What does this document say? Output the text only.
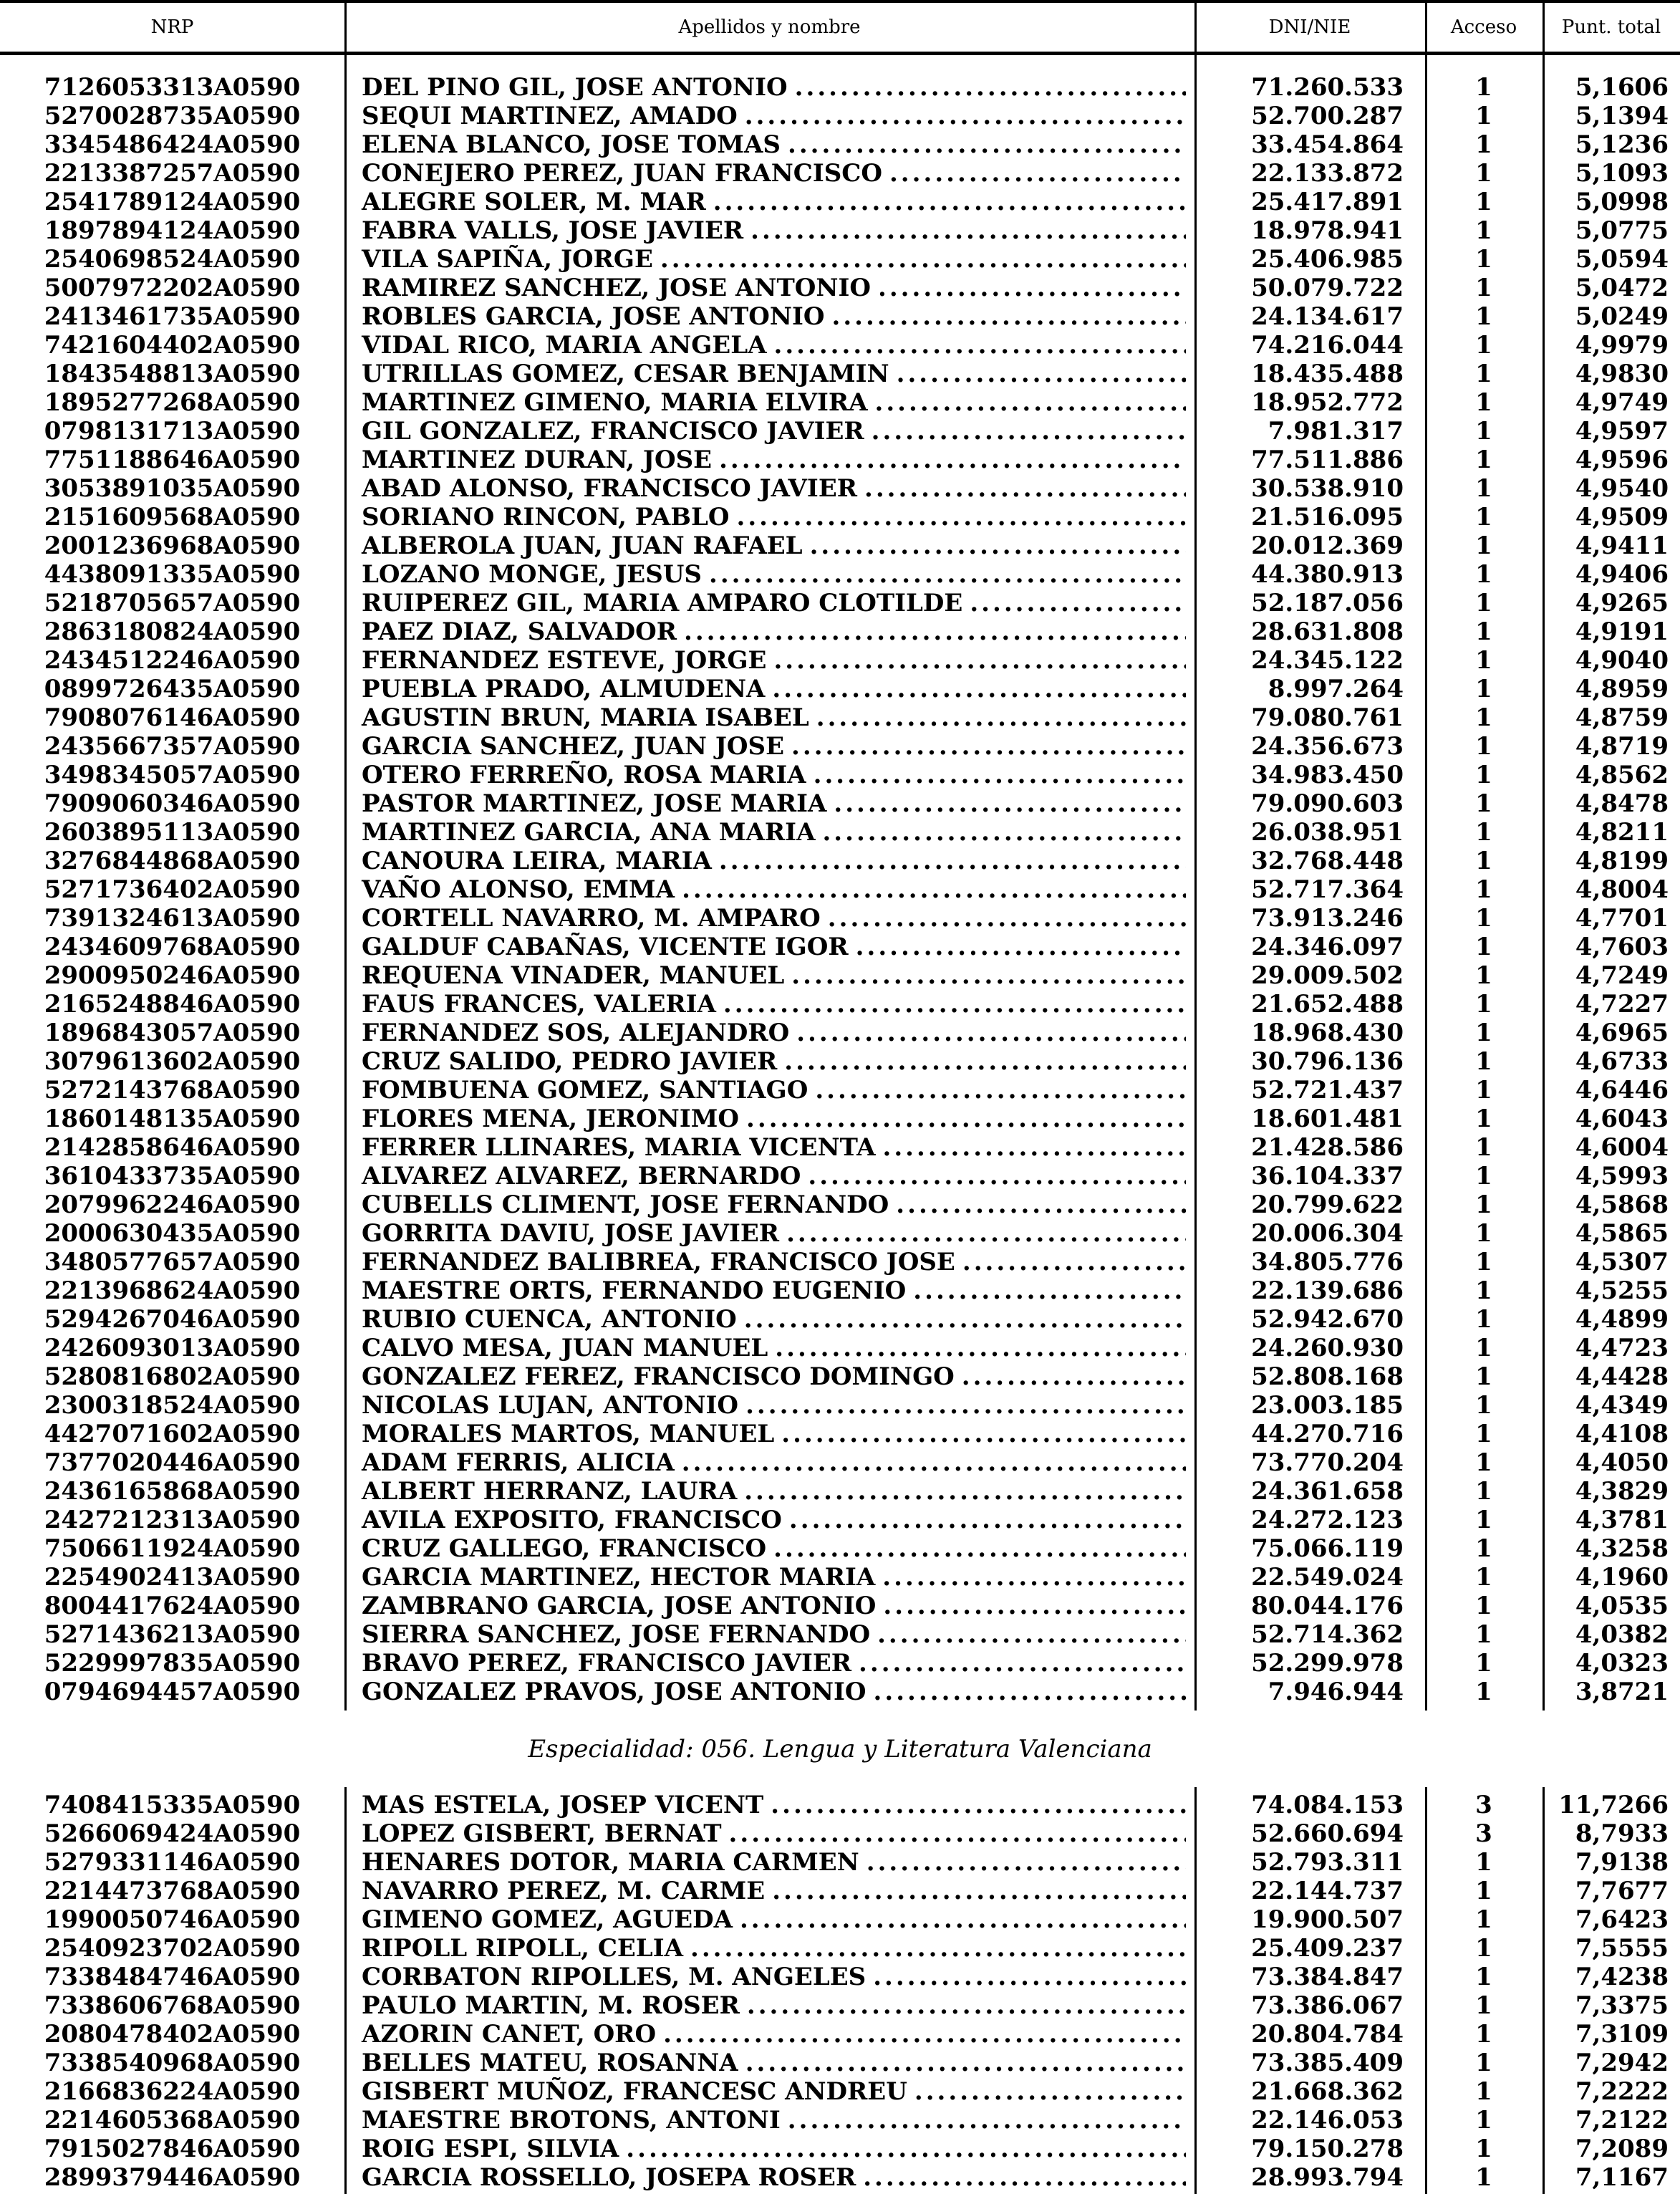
NRP	Apellidos y nombre	DNI/NIE	Acceso	Punt. total
7126053313A0590	DEL PINO GIL, JOSE ANTONIO .....	71.260.533	1	5,1606
5270028735A0590	SEQUI MARTINEZ, AMADO .....	52.700.287	1	5,1394
3345486424A0590	ELENA BLANCO, JOSE TOMAS .....	33.454.864	1	5,1236
2213387257A0590	CONEJERO PEREZ, JUAN FRANCISCO .....	22.133.872	1	5,1093
2541789124A0590	ALEGRE SOLER, M. MAR .....	25.417.891	1	5,0998
1897894124A0590	FABRA VALLS, JOSE JAVIER .....	18.978.941	1	5,0775
2540698524A0590	VILA SAPIÑA, JORGE .....	25.406.985	1	5,0594
5007972202A0590	RAMIREZ SANCHEZ, JOSE ANTONIO .....	50.079.722	1	5,0472
2413461735A0590	ROBLES GARCIA, JOSE ANTONIO .....	24.134.617	1	5,0249
7421604402A0590	VIDAL RICO, MARIA ANGELA .....	74.216.044	1	4,9979
1843548813A0590	UTRILLAS GOMEZ, CESAR BENJAMIN .....	18.435.488	1	4,9830
1895277268A0590	MARTINEZ GIMENO, MARIA ELVIRA .....	18.952.772	1	4,9749
0798131713A0590	GIL GONZALEZ, FRANCISCO JAVIER .....	7.981.317	1	4,9597
7751188646A0590	MARTINEZ DURAN, JOSE .....	77.511.886	1	4,9596
3053891035A0590	ABAD ALONSO, FRANCISCO JAVIER .....	30.538.910	1	4,9540
2151609568A0590	SORIANO RINCON, PABLO .....	21.516.095	1	4,9509
2001236968A0590	ALBEROLA JUAN, JUAN RAFAEL .....	20.012.369	1	4,9411
4438091335A0590	LOZANO MONGE, JESUS .....	44.380.913	1	4,9406
5218705657A0590	RUIPEREZ GIL, MARIA AMPARO CLOTILDE .....	52.187.056	1	4,9265
2863180824A0590	PAEZ DIAZ, SALVADOR .....	28.631.808	1	4,9191
2434512246A0590	FERNANDEZ ESTEVE, JORGE .....	24.345.122	1	4,9040
0899726435A0590	PUEBLA PRADO, ALMUDENA .....	8.997.264	1	4,8959
7908076146A0590	AGUSTIN BRUN, MARIA ISABEL .....	79.080.761	1	4,8759
2435667357A0590	GARCIA SANCHEZ, JUAN JOSE .....	24.356.673	1	4,8719
3498345057A0590	OTERO FERREÑO, ROSA MARIA .....	34.983.450	1	4,8562
7909060346A0590	PASTOR MARTINEZ, JOSE MARIA .....	79.090.603	1	4,8478
2603895113A0590	MARTINEZ GARCIA, ANA MARIA .....	26.038.951	1	4,8211
3276844868A0590	CANOURA LEIRA, MARIA .....	32.768.448	1	4,8199
5271736402A0590	VAÑO ALONSO, EMMA .....	52.717.364	1	4,8004
7391324613A0590	CORTELL NAVARRO, M. AMPARO .....	73.913.246	1	4,7701
2434609768A0590	GALDUF CABAÑAS, VICENTE IGOR .....	24.346.097	1	4,7603
2900950246A0590	REQUENA VINADER, MANUEL .....	29.009.502	1	4,7249
2165248846A0590	FAUS FRANCES, VALERIA .....	21.652.488	1	4,7227
1896843057A0590	FERNANDEZ SOS, ALEJANDRO .....	18.968.430	1	4,6965
3079613602A0590	CRUZ SALIDO, PEDRO JAVIER .....	30.796.136	1	4,6733
5272143768A0590	FOMBUENA GOMEZ, SANTIAGO .....	52.721.437	1	4,6446
1860148135A0590	FLORES MENA, JERONIMO .....	18.601.481	1	4,6043
2142858646A0590	FERRER LLINARES, MARIA VICENTA .....	21.428.586	1	4,6004
3610433735A0590	ALVAREZ ALVAREZ, BERNARDO .....	36.104.337	1	4,5993
2079962246A0590	CUBELLS CLIMENT, JOSE FERNANDO .....	20.799.622	1	4,5868
2000630435A0590	GORRITA DAVIU, JOSE JAVIER .....	20.006.304	1	4,5865
3480577657A0590	FERNANDEZ BALIBREA, FRANCISCO JOSE .....	34.805.776	1	4,5307
2213968624A0590	MAESTRE ORTS, FERNANDO EUGENIO .....	22.139.686	1	4,5255
5294267046A0590	RUBIO CUENCA, ANTONIO .....	52.942.670	1	4,4899
2426093013A0590	CALVO MESA, JUAN MANUEL .....	24.260.930	1	4,4723
5280816802A0590	GONZALEZ FEREZ, FRANCISCO DOMINGO .....	52.808.168	1	4,4428
2300318524A0590	NICOLAS LUJAN, ANTONIO .....	23.003.185	1	4,4349
4427071602A0590	MORALES MARTOS, MANUEL .....	44.270.716	1	4,4108
7377020446A0590	ADAM FERRIS, ALICIA .....	73.770.204	1	4,4050
2436165868A0590	ALBERT HERRANZ, LAURA .....	24.361.658	1	4,3829
2427212313A0590	AVILA EXPOSITO, FRANCISCO .....	24.272.123	1	4,3781
7506611924A0590	CRUZ GALLEGO, FRANCISCO .....	75.066.119	1	4,3258
2254902413A0590	GARCIA MARTINEZ, HECTOR MARIA .....	22.549.024	1	4,1960
8004417624A0590	ZAMBRANO GARCIA, JOSE ANTONIO .....	80.044.176	1	4,0535
5271436213A0590	SIERRA SANCHEZ, JOSE FERNANDO .....	52.714.362	1	4,0382
5229997835A0590	BRAVO PEREZ, FRANCISCO JAVIER .....	52.299.978	1	4,0323
0794694457A0590	GONZALEZ PRAVOS, JOSE ANTONIO .....	7.946.944	1	3,8721
Especialidad: 056. Lengua y Literatura Valenciana
7408415335A0590	MAS ESTELA, JOSEP VICENT .....	74.084.153	3	11,7266
5266069424A0590	LOPEZ GISBERT, BERNAT .....	52.660.694	3	8,7933
5279331146A0590	HENARES DOTOR, MARIA CARMEN .....	52.793.311	1	7,9138
2214473768A0590	NAVARRO PEREZ, M. CARME .....	22.144.737	1	7,7677
1990050746A0590	GIMENO GOMEZ, AGUEDA .....	19.900.507	1	7,6423
2540923702A0590	RIPOLL RIPOLL, CELIA .....	25.409.237	1	7,5555
7338484746A0590	CORBATON RIPOLLES, M. ANGELES .....	73.384.847	1	7,4238
7338606768A0590	PAULO MARTIN, M. ROSER .....	73.386.067	1	7,3375
2080478402A0590	AZORIN CANET, ORO .....	20.804.784	1	7,3109
7338540968A0590	BELLES MATEU, ROSANNA .....	73.385.409	1	7,2942
2166836224A0590	GISBERT MUÑOZ, FRANCESC ANDREU .....	21.668.362	1	7,2222
2214605368A0590	MAESTRE BROTONS, ANTONI .....	22.146.053	1	7,2122
7915027846A0590	ROIG ESPI, SILVIA .....	79.150.278	1	7,2089
2899379446A0590	GARCIA ROSSELLO, JOSEPA ROSER .....	28.993.794	1	7,1167
